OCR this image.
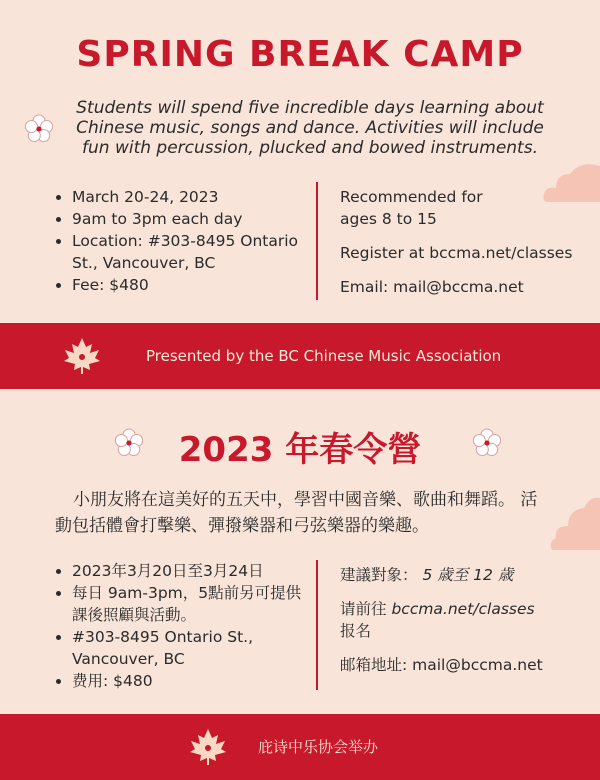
SPRING BREAK CAMP
Students will spend five incredible days learning about Chinese music, songs and dance. Activities will include fun with percussion, plucked and bowed instruments.
• March 20-24, 2023
• 9am to 3pm each day
• Location: #303-8495 Ontario St., Vancouver, BC
• Fee: $480
Recommended for ages 8 to 15
Register at bccma.net/classes
Email: mail@bccma.net
Presented by the BC Chinese Music Association
2023 年春令營
小朋友將在這美好的五天中，學習中國音樂、歌曲和舞蹈。 活動包括體會打擊樂、彈撥樂器和弓弦樂器的樂趣。
• 2023年3月20日至3月24日
• 每日 9am-3pm，5點前另可提供課後照顧與活動。
• #303-8495 Ontario St., Vancouver, BC
• 费用: $480
建議對象： 5 歳至 12 歳
请前往 bccma.net/classes
报名
邮箱地址: mail@bccma.net
庇诗中乐协会举办
